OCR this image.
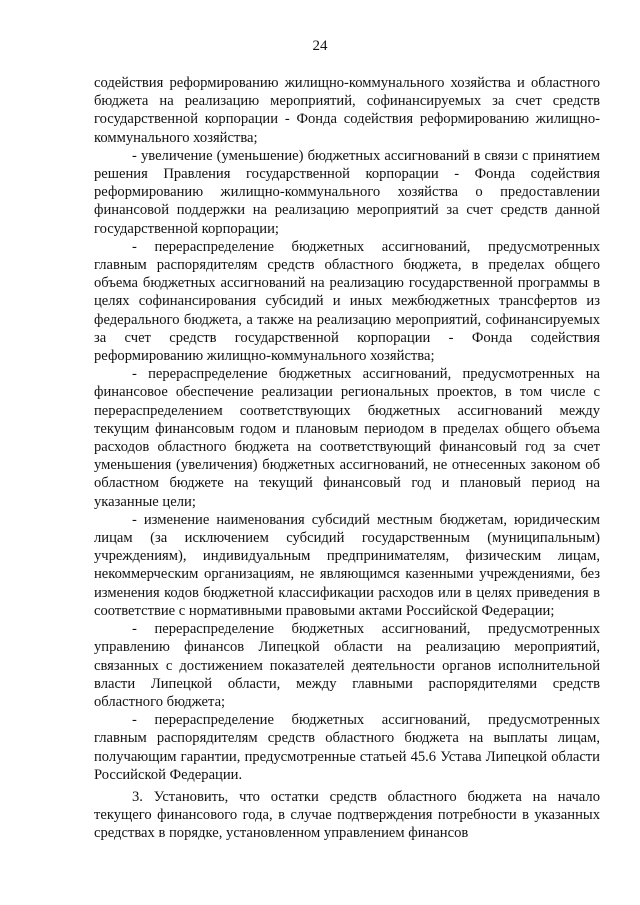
24

содействия реформированию жилищно-коммунального хозяйства и областного бюджета на реализацию мероприятий, софинансируемых за счет средств государственной корпорации - Фонда содействия реформированию жилищно-коммунального хозяйства;

- увеличение (уменьшение) бюджетных ассигнований в связи с принятием решения Правления государственной корпорации - Фонда содействия реформированию жилищно-коммунального хозяйства о предоставлении финансовой поддержки на реализацию мероприятий за счет средств данной государственной корпорации;

- перераспределение бюджетных ассигнований, предусмотренных главным распорядителям средств областного бюджета, в пределах общего объема бюджетных ассигнований на реализацию государственной программы в целях софинансирования субсидий и иных межбюджетных трансфертов из федерального бюджета, а также на реализацию мероприятий, софинансируемых за счет средств государственной корпорации - Фонда содействия реформированию жилищно-коммунального хозяйства;

- перераспределение бюджетных ассигнований, предусмотренных на финансовое обеспечение реализации региональных проектов, в том числе с перераспределением соответствующих бюджетных ассигнований между текущим финансовым годом и плановым периодом в пределах общего объема расходов областного бюджета на соответствующий финансовый год за счет уменьшения (увеличения) бюджетных ассигнований, не отнесенных законом об областном бюджете на текущий финансовый год и плановый период на указанные цели;

- изменение наименования субсидий местным бюджетам, юридическим лицам (за исключением субсидий государственным (муниципальным) учреждениям), индивидуальным предпринимателям, физическим лицам, некоммерческим организациям, не являющимся казенными учреждениями, без изменения кодов бюджетной классификации расходов или в целях приведения в соответствие с нормативными правовыми актами Российской Федерации;

- перераспределение бюджетных ассигнований, предусмотренных управлению финансов Липецкой области на реализацию мероприятий, связанных с достижением показателей деятельности органов исполнительной власти Липецкой области, между главными распорядителями средств областного бюджета;

- перераспределение бюджетных ассигнований, предусмотренных главным распорядителям средств областного бюджета на выплаты лицам, получающим гарантии, предусмотренные статьей 45.6 Устава Липецкой области Российской Федерации.

3. Установить, что остатки средств областного бюджета на начало текущего финансового года, в случае подтверждения потребности в указанных средствах в порядке, установленном управлением финансов
